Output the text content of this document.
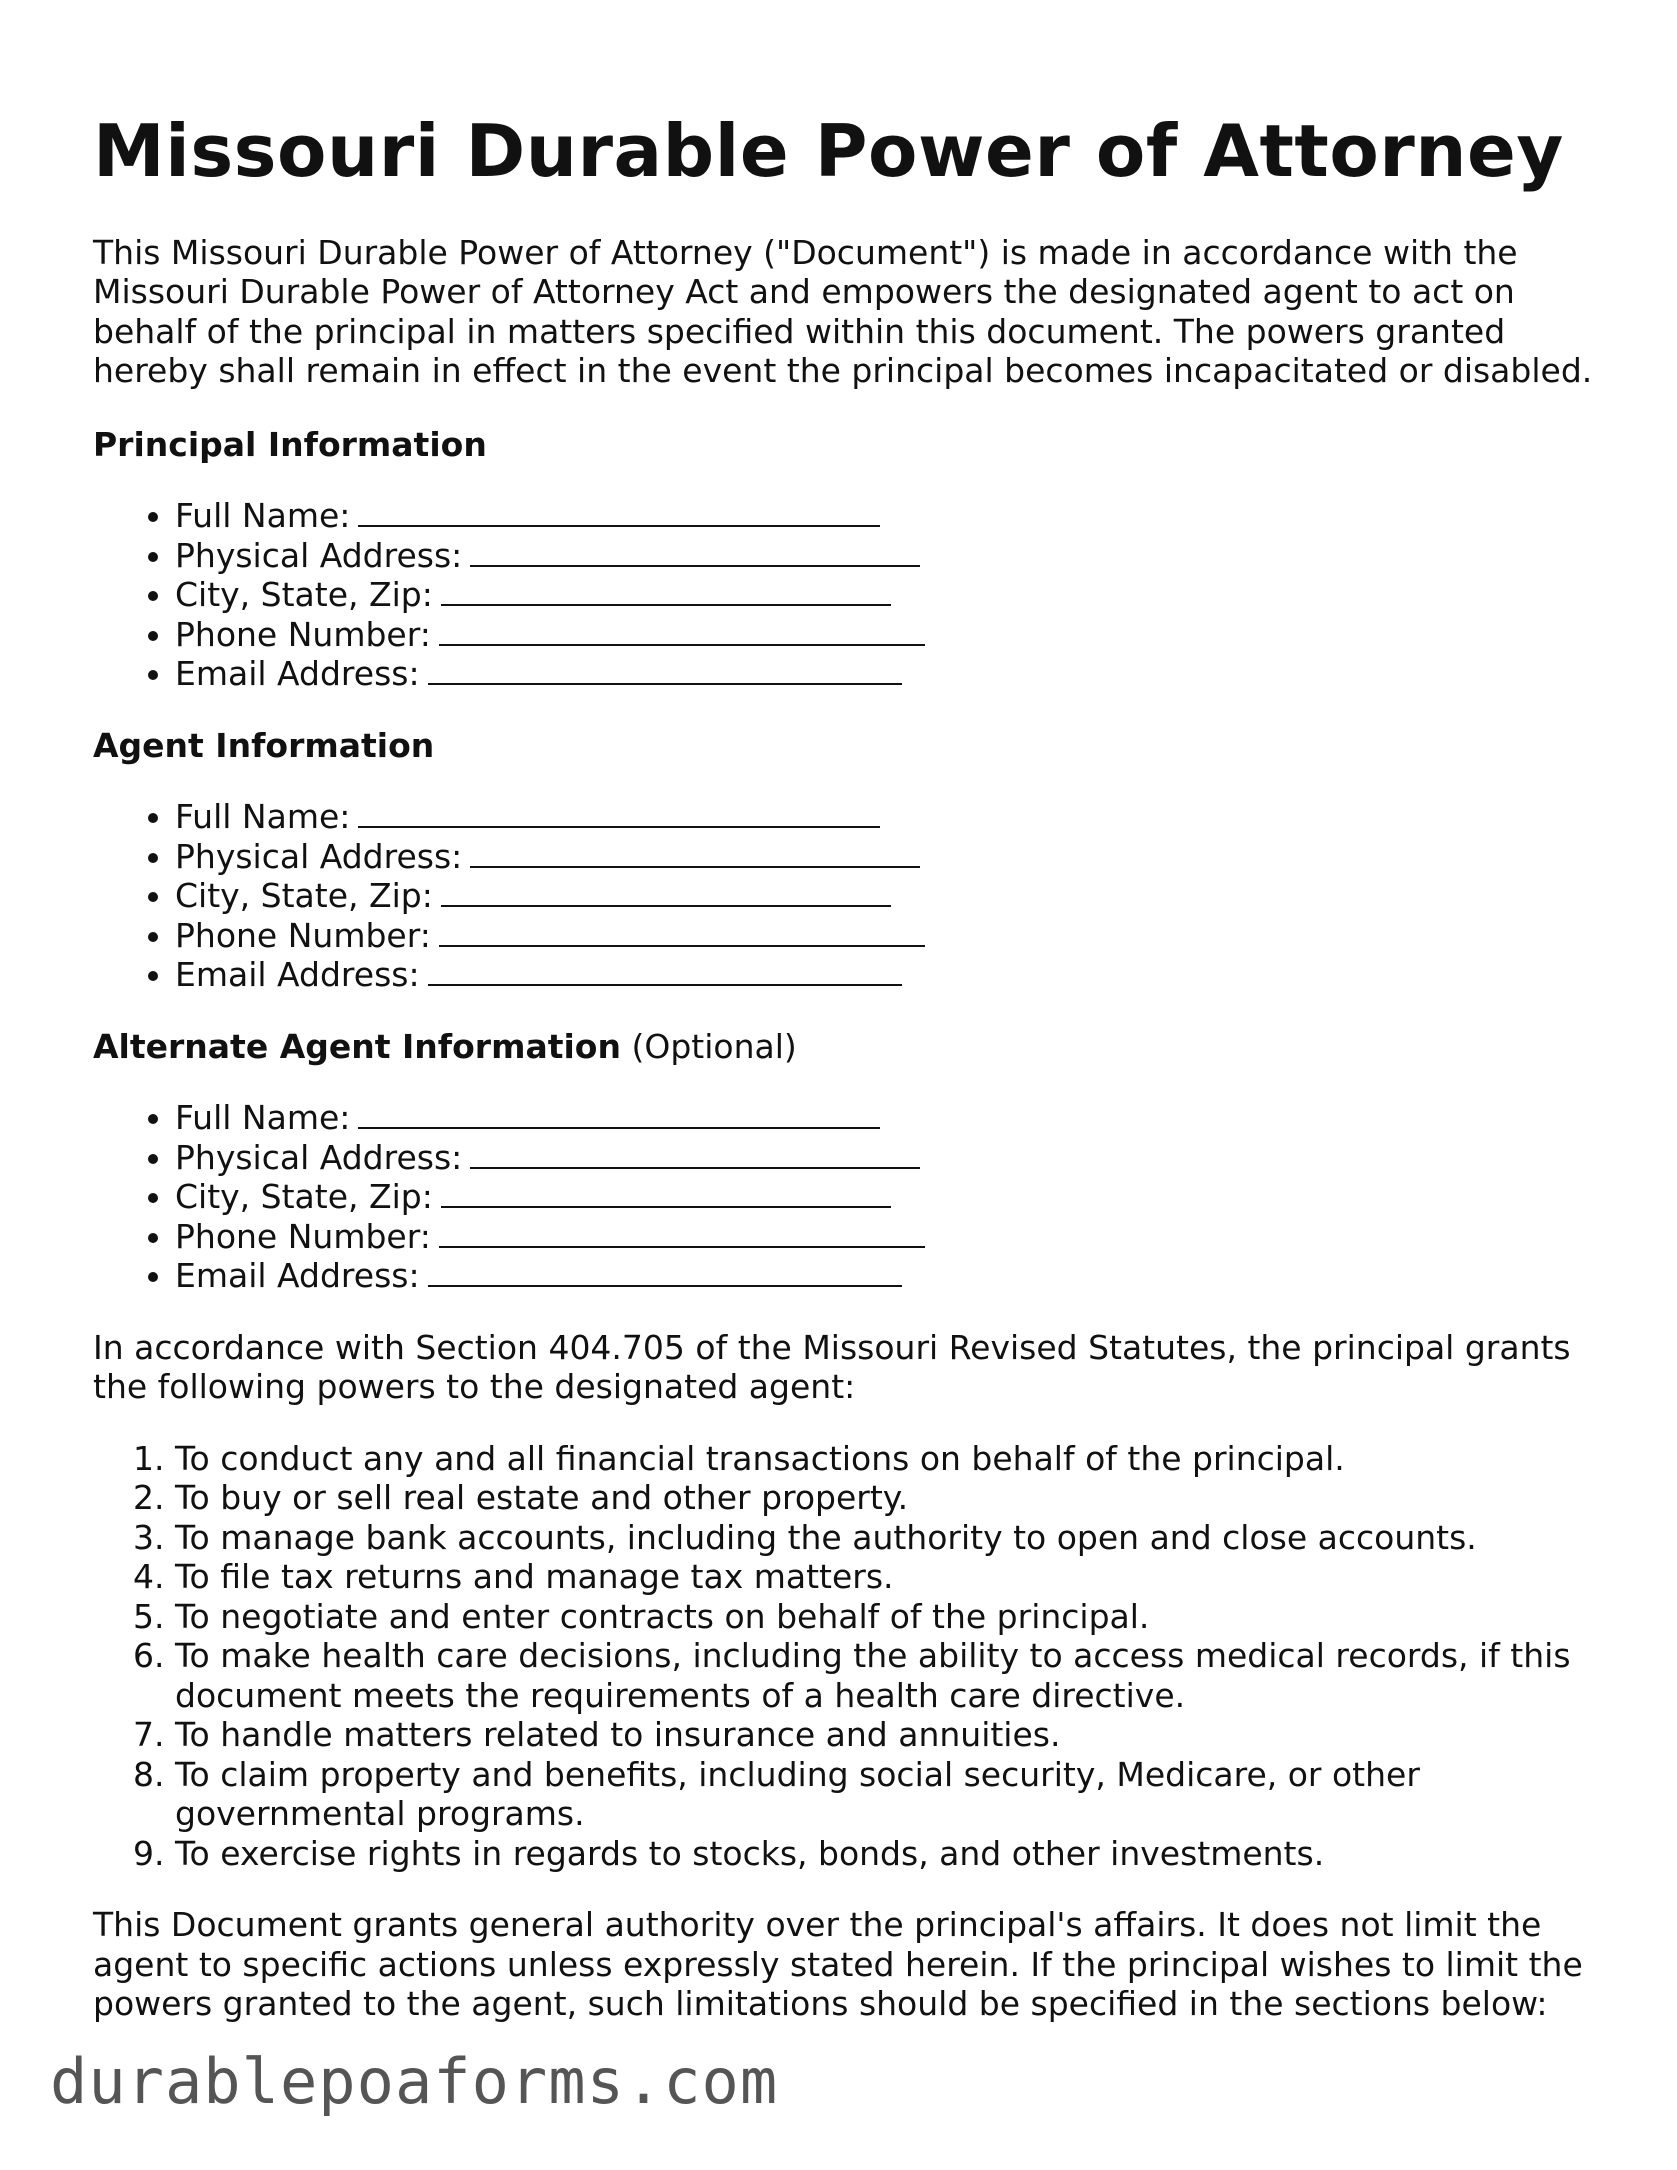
Missouri Durable Power of Attorney

This Missouri Durable Power of Attorney ("Document") is made in accordance with the Missouri Durable Power of Attorney Act and empowers the designated agent to act on behalf of the principal in matters specified within this document. The powers granted hereby shall remain in effect in the event the principal becomes incapacitated or disabled.

Principal Information
• Full Name:
• Physical Address:
• City, State, Zip:
• Phone Number:
• Email Address:
Agent Information
• Full Name:
• Physical Address:
• City, State, Zip:
• Phone Number:
• Email Address:
Alternate Agent Information (Optional)
• Full Name:
• Physical Address:
• City, State, Zip:
• Phone Number:
• Email Address:

In accordance with Section 404.705 of the Missouri Revised Statutes, the principal grants the following powers to the designated agent:

1. To conduct any and all financial transactions on behalf of the principal.
2. To buy or sell real estate and other property.
3. To manage bank accounts, including the authority to open and close accounts.
4. To file tax returns and manage tax matters.
5. To negotiate and enter contracts on behalf of the principal.
6. To make health care decisions, including the ability to access medical records, if this document meets the requirements of a health care directive.
7. To handle matters related to insurance and annuities.
8. To claim property and benefits, including social security, Medicare, or other governmental programs.
9. To exercise rights in regards to stocks, bonds, and other investments.

This Document grants general authority over the principal's affairs. It does not limit the agent to specific actions unless expressly stated herein. If the principal wishes to limit the powers granted to the agent, such limitations should be specified in the sections below:

durablepoaforms.com
